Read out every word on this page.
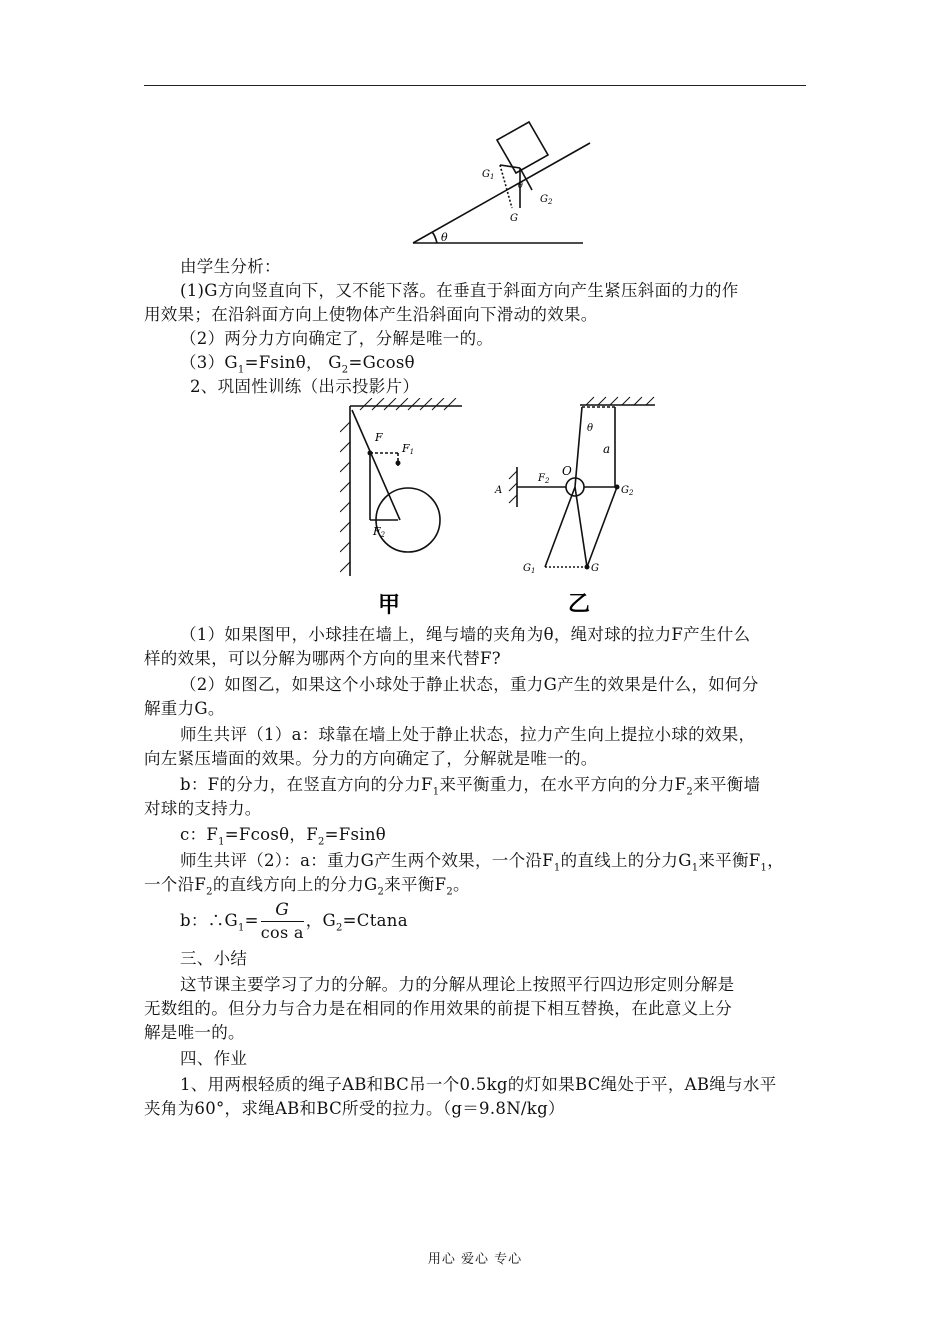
$G_1$
$G_2$
G
θ
θ
由学生分析：
(1)G方向竖直向下，又不能下落。在垂直于斜面方向产生紧压斜面的力的作
用效果；在沿斜面方向上使物体产生沿斜面向下滑动的效果。
（2）两分力方向确定了，分解是唯一的。
$(3)G_1=Fsin\theta$， $G_2=Gcos\theta$
2、巩固性训练（出示投影片）
F
F1
F2
甲
θ
a
O
A
$F_2$
$G_2$
$G_1$	G
乙
（1）如果图甲，小球挂在墙上，绳与墙的夹角为θ，绳对球的拉力F产生什么
样的效果，可以分解为哪两个方向的里来代替F?
（2）如图乙，如果这个小球处于静止状态，重力G产生的效果是什么，如何分
解重力G。
师生共评（1）a：球靠在墙上处于静止状态，拉力产生向上提拉小球的效果，
向左紧压墙面的效果。分力的方向确定了，分解就是唯一的。
b：F的分力，在竖直方向的分力$F_1$来平衡重力，在水平方向的分力$F_2$来平衡墙
对球的支持力。
c：$F_1=Fcos\theta$，$F_2=Fsin\theta$
师生共评（2）：a：重力G产生两个效果，一个沿$F_1$的直线上的分力$G_1$来平衡$F_1$，
一个沿$F_2$的直线方向上的分力$G_2$来平衡$F_2$。
b：$\therefore G_1= \frac{G}{\text{cos a}}$ ，$G_2=Ctana$
三、小结
这节课主要学习了力的分解。力的分解从理论上按照平行四边形定则分解是
无数组的。但分力与合力是在相同的作用效果的前提下相互替换，在此意义上分
解是唯一的。
四、作业
1、用两根轻质的绳子AB和BC吊一个0.5kg的灯如果BC绳处于平，AB绳与水平
夹角为60°，求绳AB和BC所受的拉力。（g＝9.8N/kg）
用心 爱心 专心
